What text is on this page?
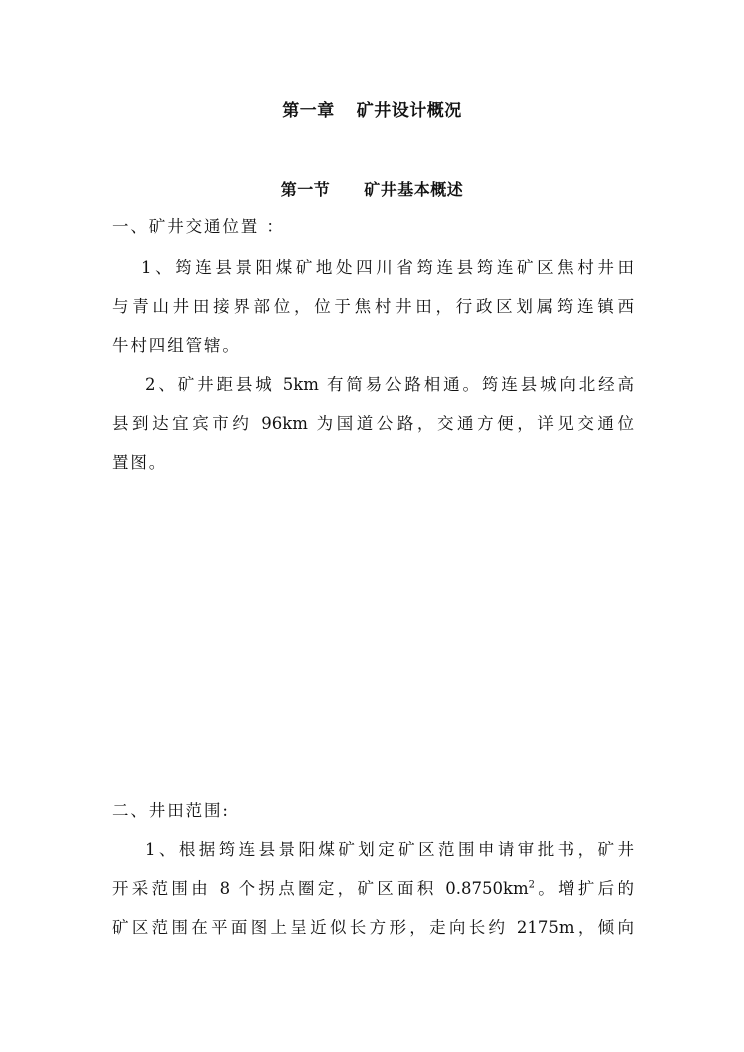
第一章 矿井设计概况
第一节 矿井基本概述
一、矿井交通位置 ：
1、筠连县景阳煤矿地处四川省筠连县筠连矿区焦村井田
与青山井田接界部位，位于焦村井田，行政区划属筠连镇西
牛村四组管辖。
2、矿井距县城 5km 有简易公路相通。筠连县城向北经高
县到达宜宾市约 96km 为国道公路，交通方便，详见交通位
置图。
二、井田范围:
1、根据筠连县景阳煤矿划定矿区范围申请审批书，矿井
开采范围由 8 个拐点圈定，矿区面积 $0.8750km^2$。增扩后的
矿区范围在平面图上呈近似长方形，走向长约 2175m，倾向
